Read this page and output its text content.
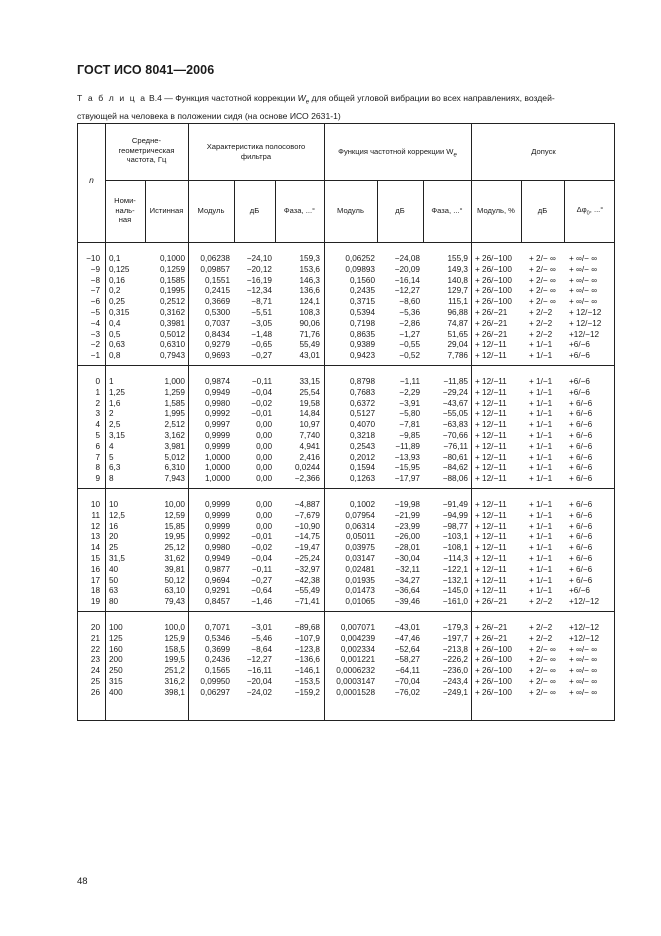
ГОСТ ИСО 8041—2006
Т а б л и ц а В.4 — Функция частотной коррекции $W_e$ для общей угловой вибрации во всех направлениях, воздей-
ствующей на человека в положении сидя (на основе ИСО 2631-1)
n
Средне-
геометрическая
частота, Гц
Характеристика полосового
фильтра	Функция частотной коррекции $W_e$	Допуск
Номи-
наль-
ная
Истинная	Модуль	дБ	Фаза, ...°	Модуль	дБ	Фаза, ...°	Модуль, %	дБ	$\Delta\varphi_0$, ...°
−10 0,1	0,1000	0,06238	−24,10	159,3	0,06252	−24,08	155,9 + 26/−100	+ 2/− ∞	+ ∞/− ∞
−9 0,125	0,1259	0,09857	−20,12	153,6	0,09893	−20,09	149,3 + 26/−100	+ 2/− ∞	+ ∞/− ∞
−8 0,16	0,1585	0,1551	−16,19	146,3	0,1560	−16,14	140,8 + 26/−100	+ 2/− ∞	+ ∞/− ∞
−7 0,2	0,1995	0,2415	−12,34	136,6	0,2435	−12,27	129,7 + 26/−100	+ 2/− ∞	+ ∞/− ∞
−6 0,25	0,2512	0,3669	−8,71	124,1	0,3715	−8,60	115,1 + 26/−100	+ 2/− ∞	+ ∞/− ∞
−5 0,315	0,3162	0,5300	−5,51	108,3	0,5394	−5,36	96,88 + 26/−21	+ 2/−2	+ 12/−12
−4 0,4	0,3981	0,7037	−3,05	90,06	0,7198	−2,86	74,87 + 26/−21	+ 2/−2	+ 12/−12
−3 0,5	0,5012	0,8434	−1,48	71,76	0,8635	−1,27	51,65 + 26/−21	+ 2/−2	+12/−12
−2 0,63	0,6310	0,9279	−0,65	55,49	0,9389	−0,55	29,04 + 12/−11	+ 1/−1	+6/−6
−1 0,8	0,7943	0,9693	−0,27	43,01	0,9423	−0,52	7,786 + 12/−11	+ 1/−1	+6/−6
0 1	1,000	0,9874	−0,11	33,15	0,8798	−1,11	−11,85 + 12/−11	+ 1/−1	+6/−6
1 1,25	1,259	0,9949	−0,04	25,54	0,7683	−2,29	−29,24 + 12/−11	+ 1/−1	+6/−6
2 1,6	1,585	0,9980	−0,02	19,58	0,6372	−3,91	−43,67 + 12/−11	+ 1/−1	+ 6/−6
3 2	1,995	0,9992	−0,01	14,84	0,5127	−5,80	−55,05 + 12/−11	+ 1/−1	+ 6/−6
4 2,5	2,512	0,9997	0,00	10,97	0,4070	−7,81	−63,83 + 12/−11	+ 1/−1	+ 6/−6
5 3,15	3,162	0,9999	0,00	7,740	0,3218	−9,85	−70,66 + 12/−11	+ 1/−1	+ 6/−6
6 4	3,981	0,9999	0,00	4,941	0,2543	−11,89	−76,11 + 12/−11	+ 1/−1	+ 6/−6
7 5	5,012	1,0000	0,00	2,416	0,2012	−13,93	−80,61 + 12/−11	+ 1/−1	+ 6/−6
8 6,3	6,310	1,0000	0,00	0,0244	0,1594	−15,95	−84,62 + 12/−11	+ 1/−1	+ 6/−6
9 8	7,943	1,0000	0,00	−2,366	0,1263	−17,97	−88,06 + 12/−11	+ 1/−1	+ 6/−6
10 10	10,00	0,9999	0,00	−4,887	0,1002	−19,98	−91,49 + 12/−11	+ 1/−1	+ 6/−6
11 12,5	12,59	0,9999	0,00	−7,679	0,07954	−21,99	−94,99 + 12/−11	+ 1/−1	+ 6/−6
12 16	15,85	0,9999	0,00	−10,90	0,06314	−23,99	−98,77 + 12/−11	+ 1/−1	+ 6/−6
13 20	19,95	0,9992	−0,01	−14,75	0,05011	−26,00	−103,1 + 12/−11	+ 1/−1	+ 6/−6
14 25	25,12	0,9980	−0,02	−19,47	0,03975	−28,01	−108,1 + 12/−11	+ 1/−1	+ 6/−6
15 31,5	31,62	0,9949	−0,04	−25,24	0,03147	−30,04	−114,3 + 12/−11	+ 1/−1	+ 6/−6
16 40	39,81	0,9877	−0,11	−32,97	0,02481	−32,11	−122,1 + 12/−11	+ 1/−1	+ 6/−6
17 50	50,12	0,9694	−0,27	−42,38	0,01935	−34,27	−132,1 + 12/−11	+ 1/−1	+ 6/−6
18 63	63,10	0,9291	−0,64	−55,49	0,01473	−36,64	−145,0 + 12/−11	+ 1/−1	+6/−6
19 80	79,43	0,8457	−1,46	−71,41	0,01065	−39,46	−161,0 + 26/−21	+ 2/−2	+12/−12
20 100	100,0	0,7071	−3,01	−89,68	0,007071	−43,01	−179,3 + 26/−21	+ 2/−2	+12/−12
21 125	125,9	0,5346	−5,46	−107,9	0,004239	−47,46	−197,7 + 26/−21	+ 2/−2	+12/−12
22 160	158,5	0,3699	−8,64	−123,8	0,002334	−52,64	−213,8 + 26/−100	+ 2/− ∞	+ ∞/− ∞
23 200	199,5	0,2436	−12,27	−136,6	0,001221	−58,27	−226,2 + 26/−100	+ 2/− ∞	+ ∞/− ∞
24 250	251,2	0,1565	−16,11	−146,1	0,0006232	−64,11	−236,0 + 26/−100	+ 2/− ∞	+ ∞/− ∞
25 315	316,2	0,09950	−20,04	−153,5	0,0003147	−70,04	−243,4 + 26/−100	+ 2/− ∞	+ ∞/− ∞
26 400	398,1	0,06297	−24,02	−159,2	0,0001528	−76,02	−249,1 + 26/−100	+ 2/− ∞	+ ∞/− ∞
48
